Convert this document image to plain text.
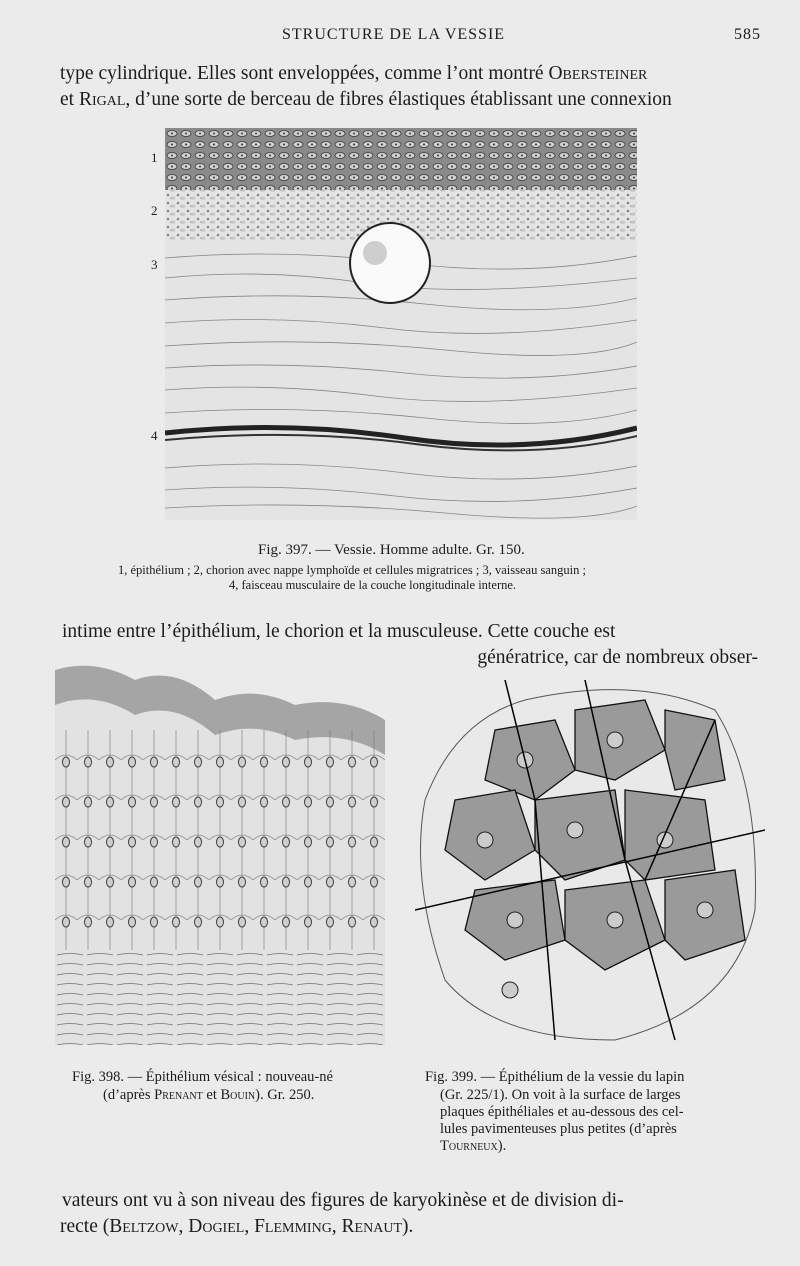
STRUCTURE DE LA VESSIE	585
type cylindrique. Elles sont enveloppées, comme l’ont montré Obersteiner
et Rigal, d’une sorte de berceau de fibres élastiques établissant une connexion
1
2
3
4
Fig. 397. — Vessie. Homme adulte. Gr. 150.
1, épithélium ; 2, chorion avec nappe lymphoïde et cellules migratrices ; 3, vaisseau sanguin ;
4, faisceau musculaire de la couche longitudinale interne.
intime entre l’épithélium, le chorion et la musculeuse. Cette couche est
génératrice, car de nombreux obser-
Fig. 398. — Épithélium vésical : nouveau-né
(d’après Prenant et Bouin). Gr. 250.
Fig. 399. — Épithélium de la vessie du lapin
(Gr. 225/1). On voit à la surface de larges
plaques épithéliales et au-dessous des cel-
lules pavimenteuses plus petites (d’après
Tourneux).
vateurs ont vu à son niveau des figures de karyokinèse et de division di-
recte (Beltzow, Dogiel, Flemming, Renaut).
